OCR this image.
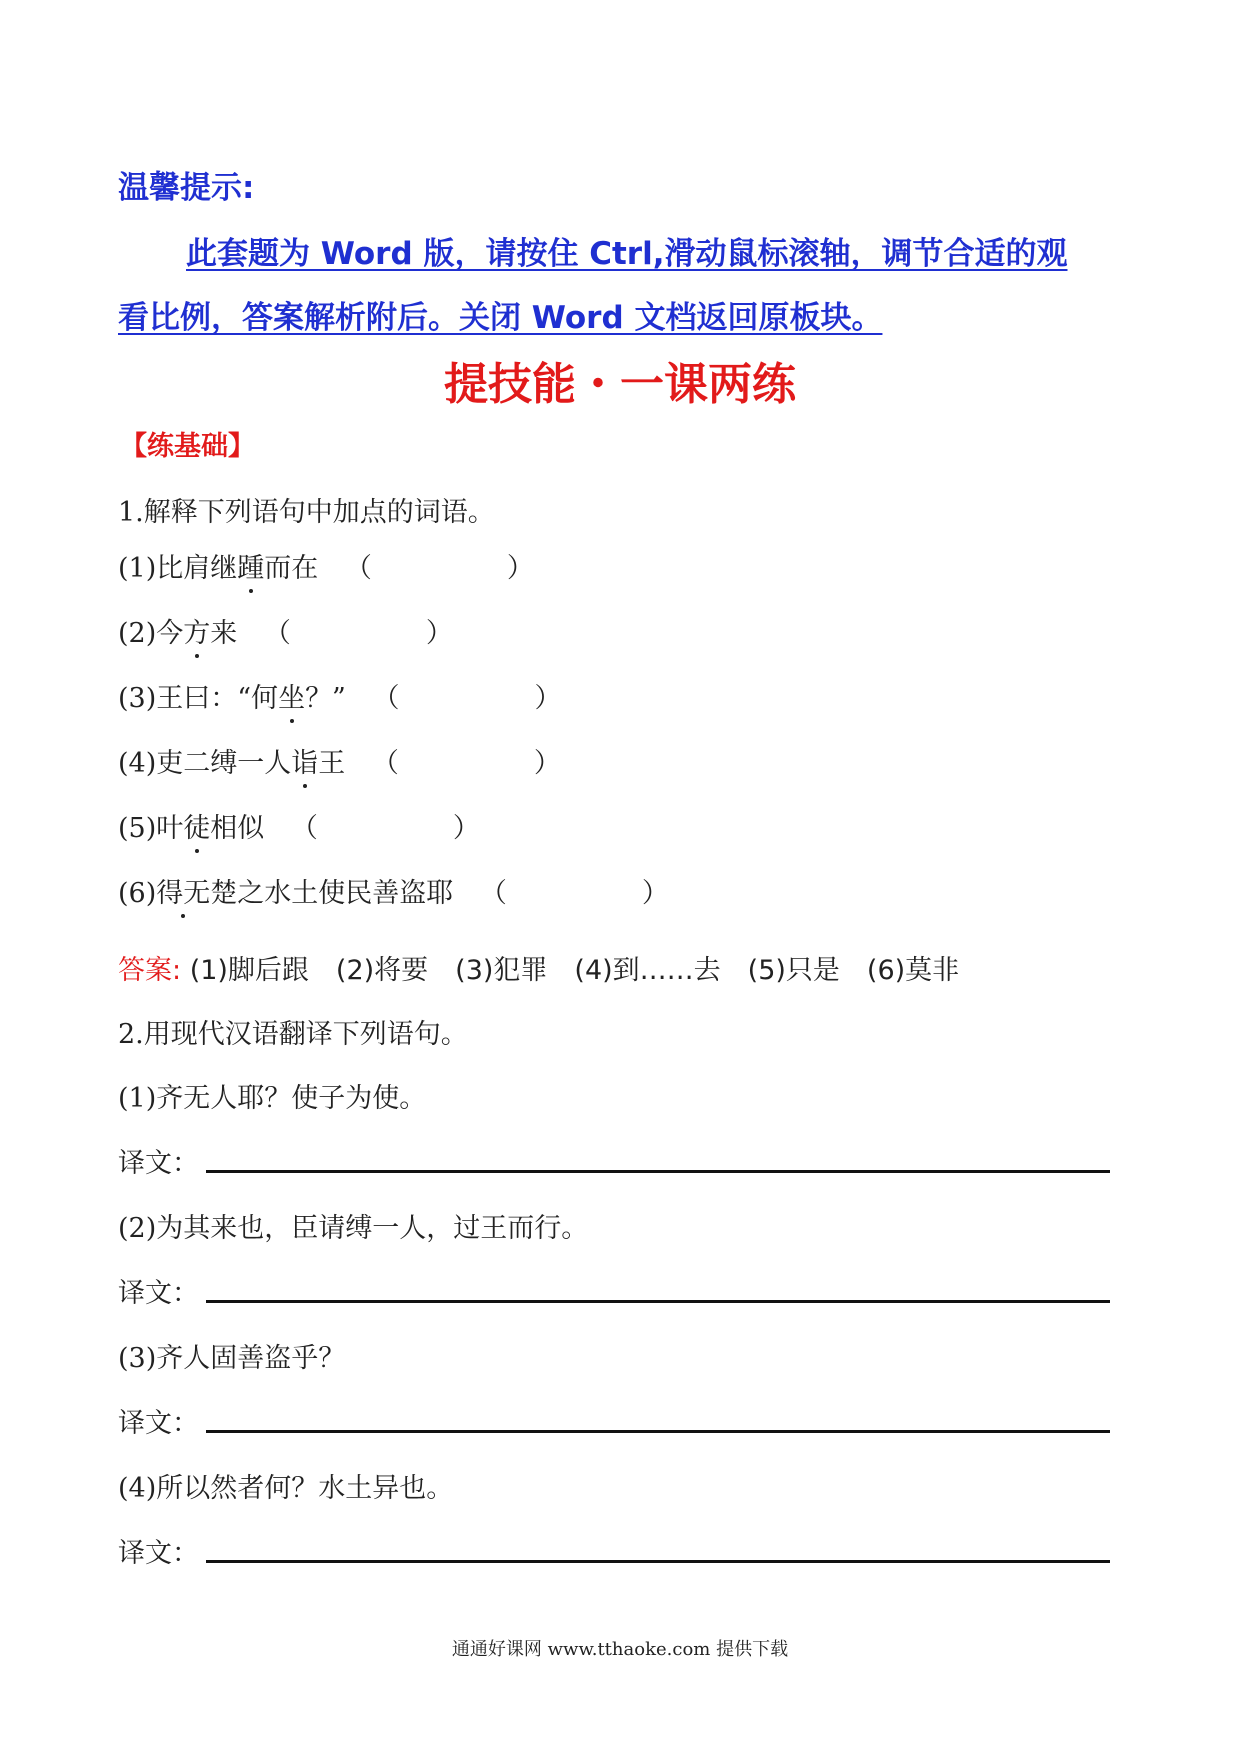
温馨提示:
此套题为 Word 版，请按住 Ctrl,滑动鼠标滚轴，调节合适的观
看比例，答案解析附后。关闭 Word 文档返回原板块。
提技能・一课两练
【练基础】
1.解释下列语句中加点的词语。
(1)比肩继踵而在 （　　　　　）
(2)今方来 （　　　　　）
(3)王曰：“何坐？” （　　　　　）
(4)吏二缚一人诣王 （　　　　　）
(5)叶徒相似 （　　　　　）
(6)得无楚之水土使民善盗耶 （　　　　　）
答案: (1)脚后跟　(2)将要　(3)犯罪　(4)到……去　(5)只是　(6)莫非
2.用现代汉语翻译下列语句。
(1)齐无人耶？使子为使。
译文：
(2)为其来也，臣请缚一人，过王而行。
译文：
(3)齐人固善盗乎？
译文：
(4)所以然者何？水土异也。
译文：
通通好课网 www.tthaoke.com 提供下载
